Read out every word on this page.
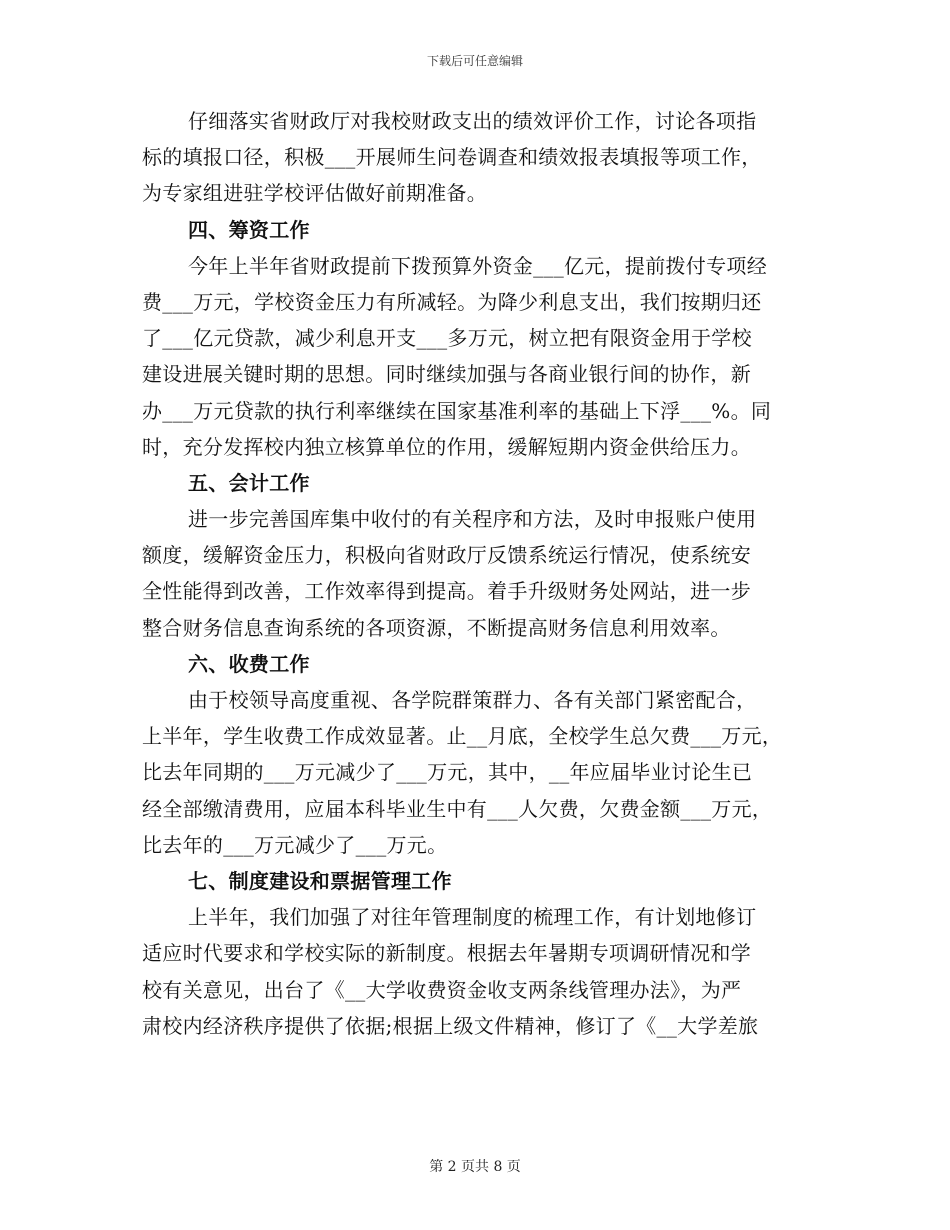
下载后可任意编辑
仔细落实省财政厅对我校财政支出的绩效评价工作，讨论各项指
标的填报口径，积极___开展师生问卷调查和绩效报表填报等项工作，
为专家组进驻学校评估做好前期准备。
四、筹资工作
今年上半年省财政提前下拨预算外资金___亿元，提前拨付专项经
费___万元，学校资金压力有所减轻。为降少利息支出，我们按期归还
了___亿元贷款，减少利息开支___多万元，树立把有限资金用于学校
建设进展关键时期的思想。同时继续加强与各商业银行间的协作，新
办___万元贷款的执行利率继续在国家基准利率的基础上下浮___%。同
时，充分发挥校内独立核算单位的作用，缓解短期内资金供给压力。
五、会计工作
进一步完善国库集中收付的有关程序和方法，及时申报账户使用
额度，缓解资金压力，积极向省财政厅反馈系统运行情况，使系统安
全性能得到改善，工作效率得到提高。着手升级财务处网站，进一步
整合财务信息查询系统的各项资源，不断提高财务信息利用效率。
六、收费工作
由于校领导高度重视、各学院群策群力、各有关部门紧密配合，
上半年，学生收费工作成效显著。止__月底，全校学生总欠费___万元，
比去年同期的___万元减少了___万元，其中，__年应届毕业讨论生已
经全部缴清费用，应届本科毕业生中有___人欠费，欠费金额___万元，
比去年的___万元减少了___万元。
七、制度建设和票据管理工作
上半年，我们加强了对往年管理制度的梳理工作，有计划地修订
适应时代要求和学校实际的新制度。根据去年暑期专项调研情况和学
校有关意见，出台了《__大学收费资金收支两条线管理办法》，为严
肃校内经济秩序提供了依据;根据上级文件精神，修订了《__大学差旅
第 2 页共 8 页
